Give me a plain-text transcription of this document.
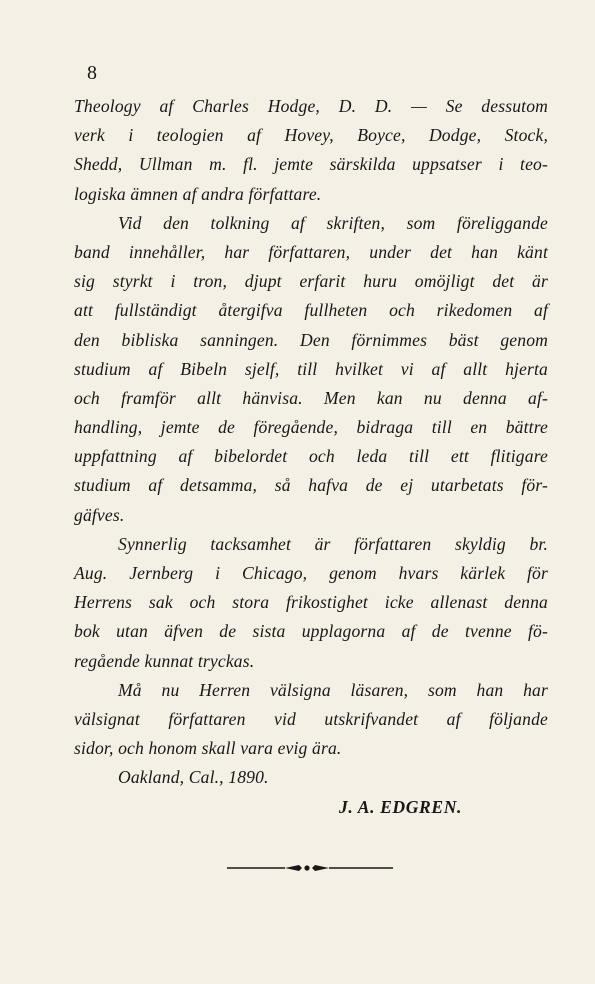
8
Theology af Charles Hodge, D. D. — Se dessutom
verk i teologien af Hovey, Boyce, Dodge, Stock,
Shedd, Ullman m. fl. jemte särskilda uppsatser i teo-
logiska ämnen af andra författare.
Vid den tolkning af skriften, som föreliggande
band innehåller, har författaren, under det han känt
sig styrkt i tron, djupt erfarit huru omöjligt det är
att fullständigt återgifva fullheten och rikedomen af
den bibliska sanningen. Den förnimmes bäst genom
studium af Bibeln sjelf, till hvilket vi af allt hjerta
och framför allt hänvisa. Men kan nu denna af-
handling, jemte de föregående, bidraga till en bättre
uppfattning af bibelordet och leda till ett flitigare
studium af detsamma, så hafva de ej utarbetats för-
gäfves.
Synnerlig tacksamhet är författaren skyldig br.
Aug. Jernberg i Chicago, genom hvars kärlek för
Herrens sak och stora frikostighet icke allenast denna
bok utan äfven de sista upplagorna af de tvenne fö-
regående kunnat tryckas.
Må nu Herren välsigna läsaren, som han har
välsignat författaren vid utskrifvandet af följande
sidor, och honom skall vara evig ära.
Oakland, Cal., 1890.
J. A. EDGREN.
